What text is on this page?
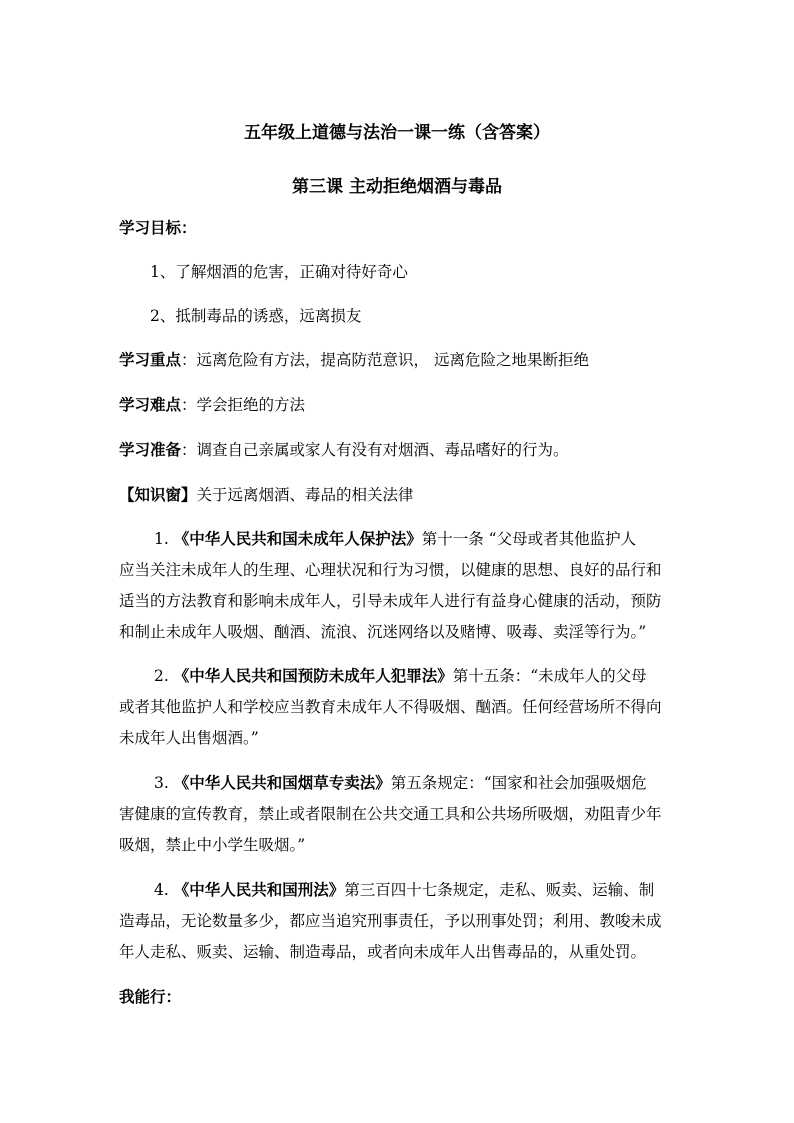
五年级上道德与法治一课一练（含答案）
第三课 主动拒绝烟酒与毒品
学习目标：
1、了解烟酒的危害，正确对待好奇心
2、抵制毒品的诱惑，远离损友
学习重点：远离危险有方法，提高防范意识， 远离危险之地果断拒绝
学习难点：学会拒绝的方法
学习准备：调查自己亲属或家人有没有对烟酒、毒品嗜好的行为。
【知识窗】关于远离烟酒、毒品的相关法律
1. 《中华人民共和国未成年人保护法》第十一条 “父母或者其他监护人
应当关注未成年人的生理、心理状况和行为习惯，以健康的思想、良好的品行和
适当的方法教育和影响未成年人，引导未成年人进行有益身心健康的活动，预防
和制止未成年人吸烟、酗酒、流浪、沉迷网络以及赌博、吸毒、卖淫等行为。”
2. 《中华人民共和国预防未成年人犯罪法》第十五条：“未成年人的父母
或者其他监护人和学校应当教育未成年人不得吸烟、酗酒。任何经营场所不得向
未成年人出售烟酒。”
3. 《中华人民共和国烟草专卖法》第五条规定：“国家和社会加强吸烟危
害健康的宣传教育，禁止或者限制在公共交通工具和公共场所吸烟，劝阻青少年
吸烟，禁止中小学生吸烟。”
4. 《中华人民共和国刑法》第三百四十七条规定，走私、贩卖、运输、制
造毒品，无论数量多少，都应当追究刑事责任，予以刑事处罚；利用、教唆未成
年人走私、贩卖、运输、制造毒品，或者向未成年人出售毒品的，从重处罚。
我能行：
